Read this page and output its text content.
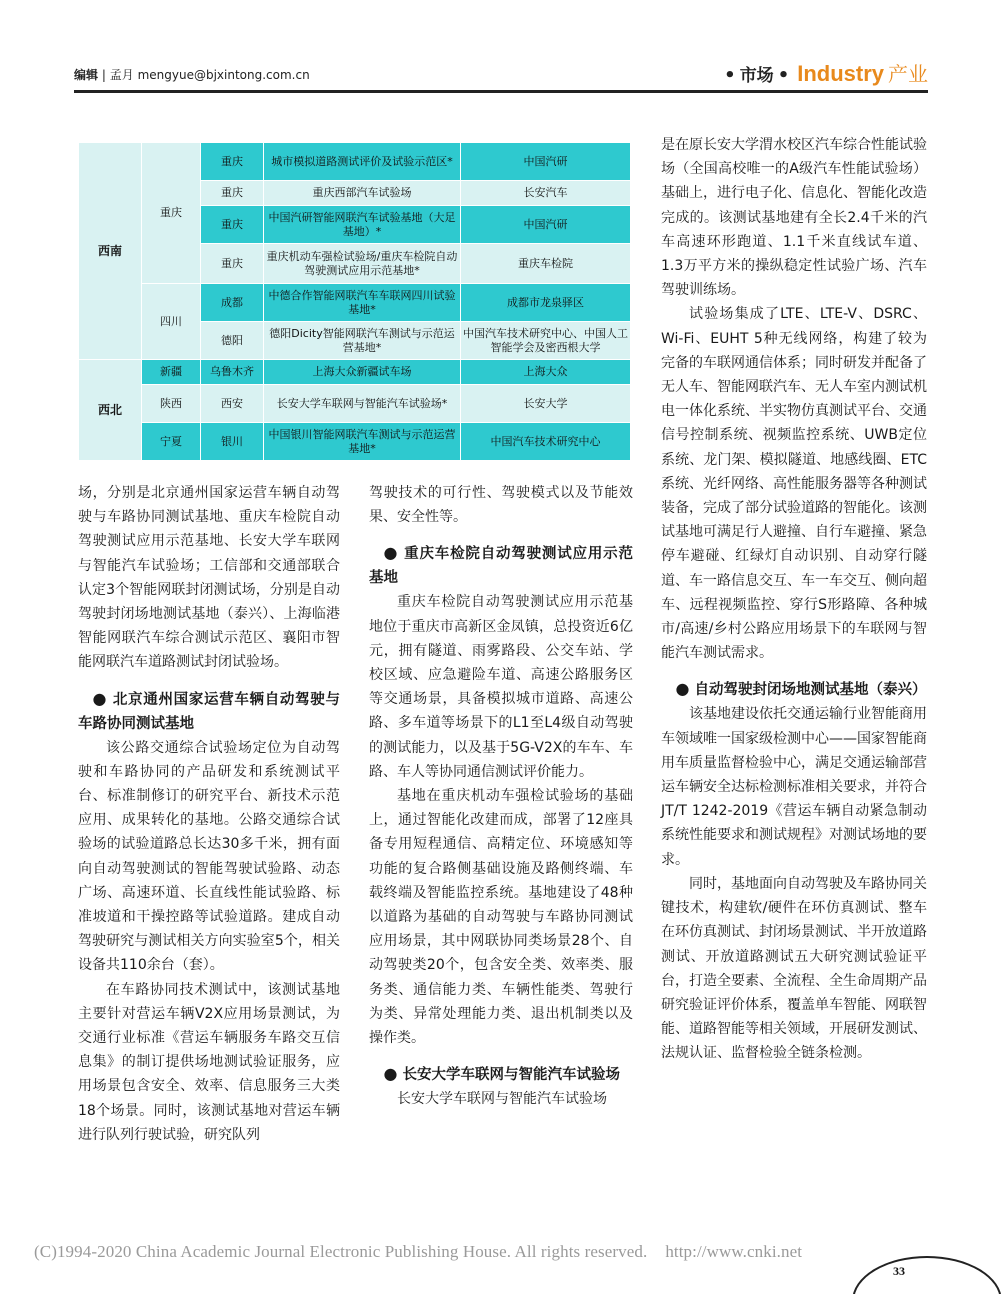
编辑 | 孟月 mengyue@bjxintong.com.cn	• 市场 • Industry 产业
西南	重庆	重庆	城市模拟道路测试评价及试验示范区*	中国汽研
		重庆	重庆西部汽车试验场	长安汽车
		重庆	中国汽研智能网联汽车试验基地（大足基地）*	中国汽研
		重庆	重庆机动车强检试验场/重庆车检院自动驾驶测试应用示范基地*	重庆车检院
	四川	成都	中德合作智能网联汽车车联网四川试验基地*	成都市龙泉驿区
		德阳	德阳Dicity智能网联汽车测试与示范运营基地*	中国汽车技术研究中心、中国人工智能学会及密西根大学
西北	新疆	乌鲁木齐	上海大众新疆试车场	上海大众
	陕西	西安	长安大学车联网与智能汽车试验场*	长安大学
	宁夏	银川	中国银川智能网联汽车测试与示范运营基地*	中国汽车技术研究中心

场，分别是北京通州国家运营车辆自动驾驶与车路协同测试基地、重庆车检院自动驾驶测试应用示范基地、长安大学车联网与智能汽车试验场；工信部和交通部联合认定3个智能网联封闭测试场，分别是自动驾驶封闭场地测试基地（泰兴）、上海临港智能网联汽车综合测试示范区、襄阳市智能网联汽车道路测试封闭试验场。

● 北京通州国家运营车辆自动驾驶与车路协同测试基地

该公路交通综合试验场定位为自动驾驶和车路协同的产品研发和系统测试平台、标准制修订的研究平台、新技术示范应用、成果转化的基地。公路交通综合试验场的试验道路总长达30多千米，拥有面向自动驾驶测试的智能驾驶试验路、动态广场、高速环道、长直线性能试验路、标准坡道和干操控路等试验道路。建成自动驾驶研究与测试相关方向实验室5个，相关设备共110余台（套）。

在车路协同技术测试中，该测试基地主要针对营运车辆V2X应用场景测试，为交通行业标准《营运车辆服务车路交互信息集》的制订提供场地测试验证服务，应用场景包含安全、效率、信息服务三大类18个场景。同时，该测试基地对营运车辆进行队列行驶试验，研究队列

驾驶技术的可行性、驾驶模式以及节能效果、安全性等。

● 重庆车检院自动驾驶测试应用示范基地

重庆车检院自动驾驶测试应用示范基地位于重庆市高新区金凤镇，总投资近6亿元，拥有隧道、雨雾路段、公交车站、学校区域、应急避险车道、高速公路服务区等交通场景，具备模拟城市道路、高速公路、多车道等场景下的L1至L4级自动驾驶的测试能力，以及基于5G-V2X的车车、车路、车人等协同通信测试评价能力。

基地在重庆机动车强检试验场的基础上，通过智能化改建而成，部署了12座具备专用短程通信、高精定位、环境感知等功能的复合路侧基础设施及路侧终端、车载终端及智能监控系统。基地建设了48种以道路为基础的自动驾驶与车路协同测试应用场景，其中网联协同类场景28个、自动驾驶类20个，包含安全类、效率类、服务类、通信能力类、车辆性能类、驾驶行为类、异常处理能力类、退出机制类以及操作类。

● 长安大学车联网与智能汽车试验场

长安大学车联网与智能汽车试验场

是在原长安大学渭水校区汽车综合性能试验场（全国高校唯一的A级汽车性能试验场）基础上，进行电子化、信息化、智能化改造完成的。该测试基地建有全长2.4千米的汽车高速环形跑道、1.1千米直线试车道、1.3万平方米的操纵稳定性试验广场、汽车驾驶训练场。

试验场集成了LTE、LTE-V、DSRC、Wi-Fi、EUHT 5种无线网络，构建了较为完备的车联网通信体系；同时研发并配备了无人车、智能网联汽车、无人车室内测试机电一体化系统、半实物仿真测试平台、交通信号控制系统、视频监控系统、UWB定位系统、龙门架、模拟隧道、地感线圈、ETC系统、光纤网络、高性能服务器等各种测试装备，完成了部分试验道路的智能化。该测试基地可满足行人避撞、自行车避撞、紧急停车避碰、红绿灯自动识别、自动穿行隧道、车一路信息交互、车一车交互、侧向超车、远程视频监控、穿行S形路障、各种城市/高速/乡村公路应用场景下的车联网与智能汽车测试需求。

● 自动驾驶封闭场地测试基地（泰兴）

该基地建设依托交通运输行业智能商用车领域唯一国家级检测中心——国家智能商用车质量监督检验中心，满足交通运输部营运车辆安全达标检测标准相关要求，并符合JT/T 1242-2019《营运车辆自动紧急制动系统性能要求和测试规程》对测试场地的要求。

同时，基地面向自动驾驶及车路协同关键技术，构建软/硬件在环仿真测试、整车在环仿真测试、封闭场景测试、半开放道路测试、开放道路测试五大研究测试验证平台，打造全要素、全流程、全生命周期产品研究验证评价体系，覆盖单车智能、网联智能、道路智能等相关领域，开展研发测试、法规认证、监督检验全链条检测。

(C)1994-2020 China Academic Journal Electronic Publishing House. All rights reserved. http://www.cnki.net
33
